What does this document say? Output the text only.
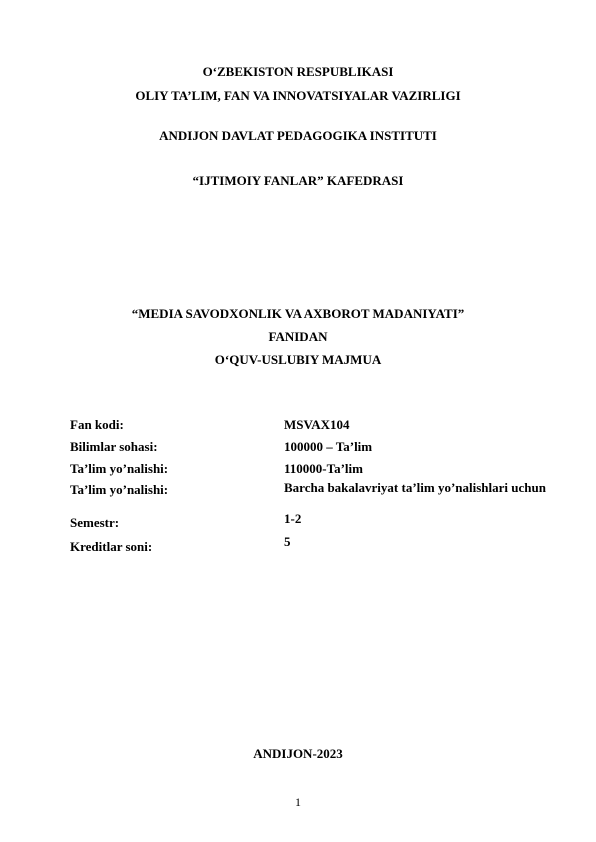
O‘ZBEKISTON RESPUBLIKASI
OLIY TA’LIM, FAN VA INNOVATSIYALAR VAZIRLIGI
ANDIJON DAVLAT PEDAGOGIKA INSTITUTI
“IJTIMOIY FANLAR” KAFEDRASI
“MEDIA SAVODXONLIK VA AXBOROT MADANIYATI”
FANIDAN
O‘QUV-USLUBIY MAJMUA
Fan kodi:	MSVAX104
Bilimlar sohasi:	100000 – Ta’lim
Ta’lim yo’nalishi:	110000-Ta’lim
Ta’lim yo’nalishi:	Barcha bakalavriyat ta’lim yo’nalishlari uchun
Semestr:	1-2
Kreditlar soni:	5
ANDIJON-2023
1
